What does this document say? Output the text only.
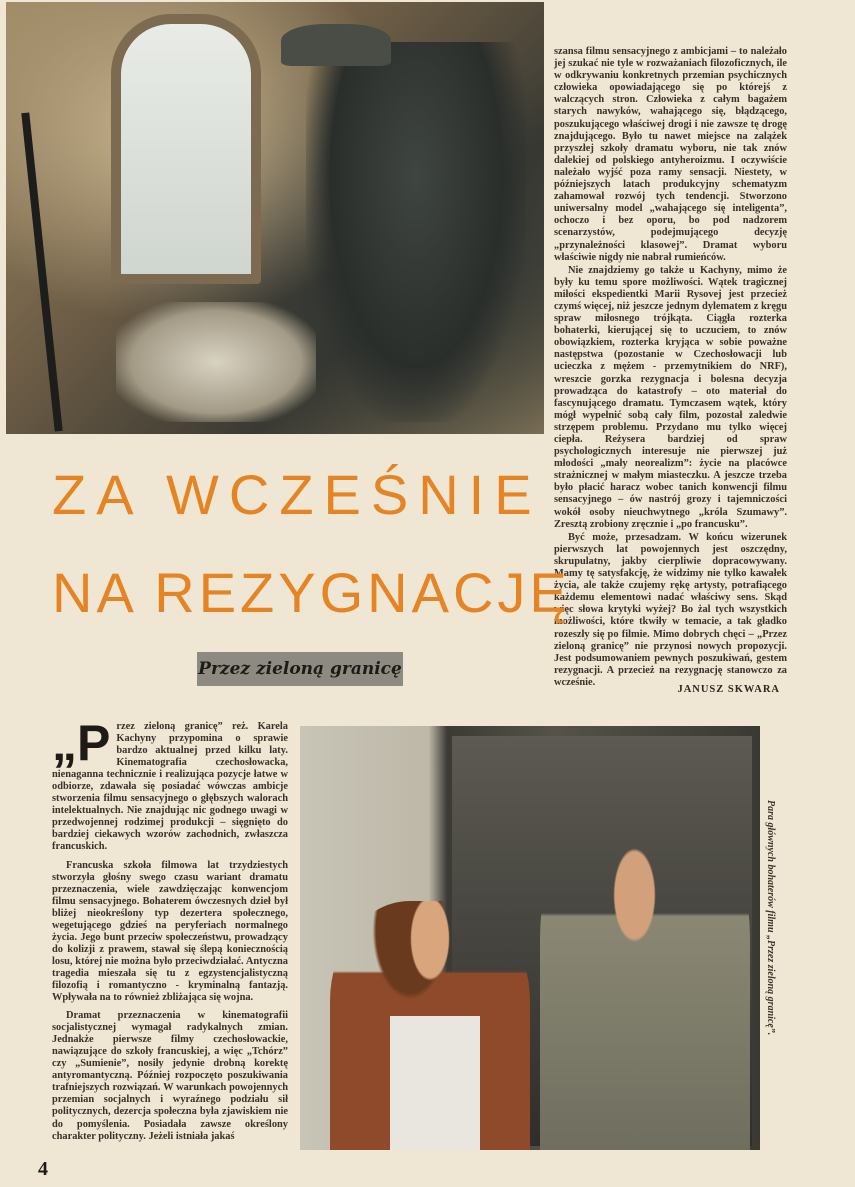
szansa filmu sensacyjnego z ambicjami – to należało jej szukać nie tyle w rozważaniach filozoficznych, ile w odkrywaniu konkretnych przemian psychicznych człowieka opowiadającego się po którejś z walczących stron. Człowieka z całym bagażem starych nawyków, wahającego się, błądzącego, poszukującego właściwej drogi i nie zawsze tę drogę znajdującego. Było tu nawet miejsce na zalążek przyszłej szkoły dramatu wyboru, nie tak znów dalekiej od polskiego antyheroizmu. I oczywiście należało wyjść poza ramy sensacji. Niestety, w późniejszych latach produkcyjny schematyzm zahamował rozwój tych tendencji. Stworzono uniwersalny model „wahającego się inteligenta”, ochoczo i bez oporu, bo pod nadzorem scenarzystów, podejmującego decyzję „przynależności klasowej”. Dramat wyboru właściwie nigdy nie nabrał rumieńców.

Nie znajdziemy go także u Kachyny, mimo że były ku temu spore możliwości. Wątek tragicznej miłości ekspedientki Marii Rysovej jest przecież czymś więcej, niż jeszcze jednym dylematem z kręgu spraw miłosnego trójkąta. Ciągła rozterka bohaterki, kierującej się to uczuciem, to znów obowiązkiem, rozterka kryjąca w sobie poważne następstwa (pozostanie w Czechosłowacji lub ucieczka z mężem - przemytnikiem do NRF), wreszcie gorzka rezygnacja i bolesna decyzja prowadząca do katastrofy – oto materiał do fascynującego dramatu. Tymczasem wątek, który mógł wypełnić sobą cały film, pozostał zaledwie strzępem problemu. Przydano mu tylko więcej ciepła. Reżysera bardziej od spraw psychologicznych interesuje nie pierwszej już młodości „mały neorealizm”: życie na placówce strażnicznej w małym miasteczku. A jeszcze trzeba było płacić haracz wobec tanich konwencji filmu sensacyjnego – ów nastrój grozy i tajemniczości wokół osoby nieuchwytnego „króla Szumawy”. Zresztą zrobiony zręcznie i „po francusku”.

Być może, przesadzam. W końcu wizerunek pierwszych lat powojennych jest oszczędny, skrupulatny, jakby cierpliwie dopracowywany. Mamy tę satysfakcję, że widzimy nie tylko kawałek życia, ale także czujemy rękę artysty, potrafiącego każdemu elementowi nadać właściwy sens. Skąd więc słowa krytyki wyżej? Bo żal tych wszystkich możliwości, które tkwiły w temacie, a tak gładko rozeszły się po filmie. Mimo dobrych chęci – „Przez zieloną granicę” nie przynosi nowych propozycji. Jest podsumowaniem pewnych poszukiwań, gestem rezygnacji. A przecież na rezygnację stanowczo za wcześnie.

JANUSZ SKWARA
ZA WCZEŚNIE
NA REZYGNACJĘ
Przez zieloną granicę

„P rzez zieloną granicę” reż. Karela Kachyny przypomina o sprawie bardzo aktualnej przed kilku laty. Kinematografia czechosłowacka, nienaganna technicznie i realizująca pozycje łatwe w odbiorze, zdawała się posiadać wówczas ambicje stworzenia filmu sensacyjnego o głębszych walorach intelektualnych. Nie znajdując nic godnego uwagi w przedwojennej rodzimej produkcji – sięgnięto do bardziej ciekawych wzorów zachodnich, zwłaszcza francuskich.

Francuska szkoła filmowa lat trzydziestych stworzyła głośny swego czasu wariant dramatu przeznaczenia, wiele zawdzięczając konwencjom filmu sensacyjnego. Bohaterem ówczesnych dzieł był bliżej nieokreślony typ dezertera społecznego, wegetującego gdzieś na peryferiach normalnego życia. Jego bunt przeciw społeczeństwu, prowadzący do kolizji z prawem, stawał się ślepą koniecznością losu, której nie można było przeciwdziałać. Antyczna tragedia mieszała się tu z egzystencjalistyczną filozofią i romantyczno - kryminalną fantazją. Wpływała na to również zbliżająca się wojna.

Dramat przeznaczenia w kinematografii socjalistycznej wymagał radykalnych zmian. Jednakże pierwsze filmy czechosłowackie, nawiązujące do szkoły francuskiej, a więc „Tchórz” czy „Sumienie”, nosiły jedynie drobną korektę antyromantyczną. Później rozpoczęto poszukiwania trafniejszych rozwiązań. W warunkach powojennych przemian socjalnych i wyraźnego podziału sił politycznych, dezercja społeczna była zjawiskiem nie do pomyślenia. Posiadała zawsze określony charakter polityczny. Jeżeli istniała jakaś

Para głównych bohaterów filmu „Przez zieloną granicę”.
4
